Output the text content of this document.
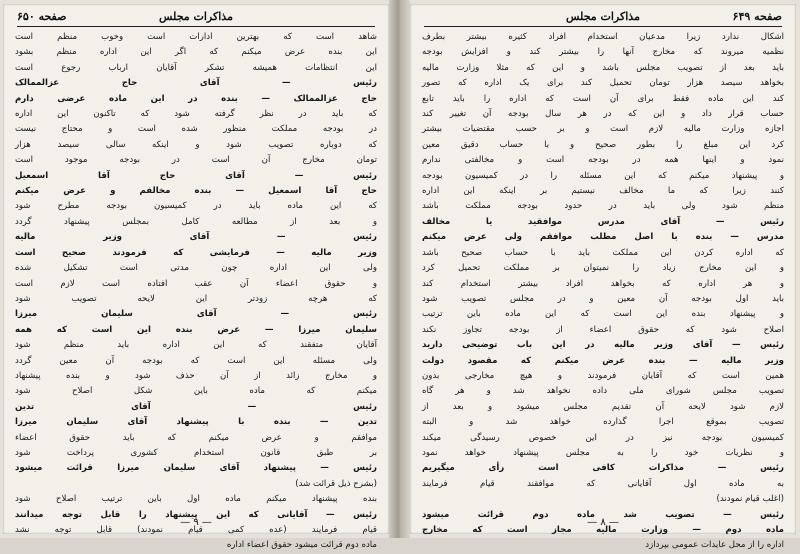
مذاکرات مجلس
صفحه ۶۵۰
شاهد است که بهترین ادارات است وخوب منظم است
این بنده عرض میکنم که اگر این اداره منظم بشود
این انتظامات همیشه تشکر آقایان ارباب رجوع است
رئیس — آقای حاج عزالممالک
حاج عزالممالک — بنده در این ماده عرضی دارم
که باید در نظر گرفته شود که تاکنون این اداره
در بودجه مملکت منظور شده است و محتاج نیست
که دوباره تصویب شود و اینکه سالی سیصد هزار
تومان مخارج آن است در بودجه موجود است
رئیس — آقای حاج آقا اسمعیل
حاج آقا اسمعیل — بنده مخالفم و عرض میکنم
که این ماده باید در کمیسیون بودجه مطرح شود
و بعد از مطالعه کامل بمجلس پیشنهاد گردد
رئیس — آقای وزیر مالیه
وزیر مالیه — فرمایشی که فرمودند صحیح است
ولی این اداره چون مدتی است تشکیل شده
و حقوق اعضاء آن عقب افتاده است لازم است
که هرچه زودتر این لایحه تصویب شود
رئیس — آقای سلیمان میرزا
سلیمان میرزا — عرض بنده این است که همه
آقایان متفقند که این اداره باید منظم شود
ولی مسئله این است که بودجه آن معین گردد
و مخارج زائد از آن حذف شود و بنده پیشنهاد
میکنم که ماده باین شکل اصلاح شود
رئیس — آقای تدین
تدین — بنده با پیشنهاد آقای سلیمان میرزا
موافقم و عرض میکنم که باید حقوق اعضاء
بر طبق قانون استخدام کشوری پرداخت شود
رئیس — پیشنهاد آقای سلیمان میرزا قرائت میشود
(بشرح ذیل قرائت شد)
بنده پیشنهاد میکنم ماده اول باین ترتیب اصلاح شود
رئیس — آقایانی که این پیشنهاد را قابل توجه میدانند
قیام فرمایند (عده کمی قیام نمودند) قابل توجه نشد
ماده دوم قرائت میشود حقوق اعضاء اداره
— ۹ —
مذاکرات مجلس	صفحه ۶۴۹
اشکال ندارد زیرا مدعیان استخدام افراد کثیره بیشتر بطرف
نظمیه میروند که مخارج آنها را بیشتر کند و افزایش بودجه
باید بعد از تصویب مجلس باشد و این که مثلا وزارت مالیه
بخواهد سیصد هزار تومان تحمیل کند برای یک اداره که تصور
کند این ماده فقط برای آن است که اداره را باید تابع
حساب قرار داد و این که در هر سال بودجه آن تغییر کند
اجازه وزارت مالیه لازم است و بر حسب مقتضیات بیشتر
کرد این مبلغ را بطور صحیح و با حساب دقیق معین
نمود و اینها همه در بودجه است و مخالفتی ندارم
و پیشنهاد میکنم که این مسئله را در کمیسیون بودجه
کنند زیرا که ما مخالف نیستیم بر اینکه این اداره
منظم شود ولی باید در حدود بودجه مملکت باشد
رئیس — آقای مدرس موافقید یا مخالف
مدرس — بنده با اصل مطلب موافقم ولی عرض میکنم
که اداره کردن این مملکت باید با حساب صحیح باشد
و این مخارج زیاد را نمیتوان بر مملکت تحمیل کرد
و هر اداره که بخواهد افراد بیشتر استخدام کند
باید اول بودجه آن معین و در مجلس تصویب شود
و پیشنهاد بنده این است که این ماده باین ترتیب
اصلاح شود که حقوق اعضاء از بودجه تجاوز نکند
رئیس — آقای وزیر مالیه در این باب توضیحی دارید
وزیر مالیه — بنده عرض میکنم که مقصود دولت
همین است که آقایان فرمودند و هیچ مخارجی بدون
تصویب مجلس شورای ملی داده نخواهد شد و هر گاه
لازم شود لایحه آن تقدیم مجلس میشود و بعد از
تصویب بموقع اجرا گذارده خواهد شد و البته
کمیسیون بودجه نیز در این خصوص رسیدگی میکند
و نظریات خود را به مجلس پیشنهاد خواهد نمود
رئیس — مذاکرات کافی است رأی میگیریم
به ماده اول آقایانی که موافقند قیام فرمایند
(اغلب قیام نمودند)
رئیس — تصویب شد ماده دوم قرائت میشود
ماده دوم — وزارت مالیه مجاز است که مخارج
اداره را از محل عایدات عمومی بپردازد
— ۸ —
